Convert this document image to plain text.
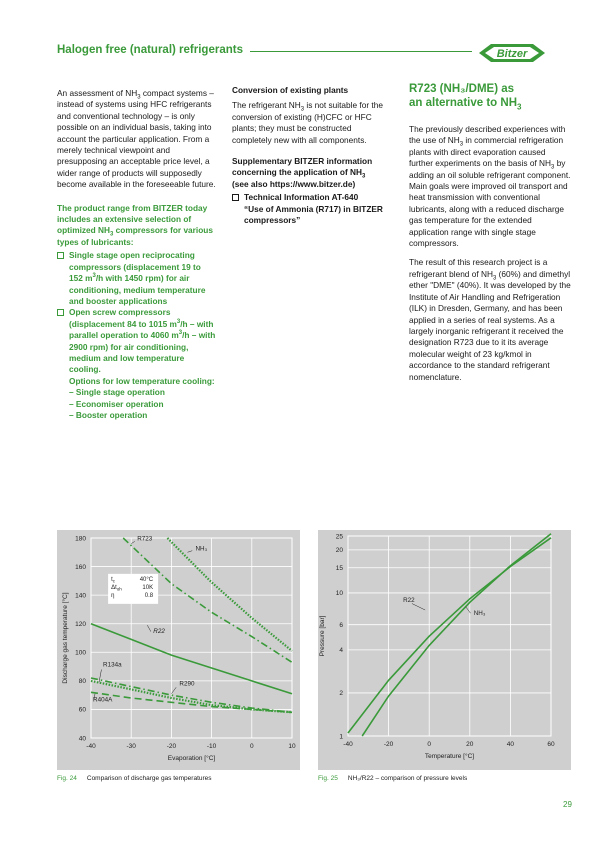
Halogen free (natural) refrigerants	Bitzer

An assessment of $NH_3$ compact systems – instead of systems using HFC refrigerants and conventional technology – is only possible on an individual basis, taking into account the particular application. From a merely technical viewpoint and presupposing an acceptable price level, a wider range of products will supposedly become available in the foreseeable future.

The product range from BITZER today includes an extensive selection of optimized $NH_3$ compressors for various types of lubricants:

Single stage open reciprocating compressors (displacement 19 to 152 $m^3/h$ with 1450 rpm) for air conditioning, medium temperature and booster applications
Open screw compressors (displacement 84 to 1015 $m^3/h$ – with parallel operation to 4060 $m^3/h$ – with 2900 rpm) for air conditioning, medium and low temperature cooling.
Options for low temperature cooling:
– Single stage operation
– Economiser operation
– Booster operation

Conversion of existing plants

The refrigerant $NH_3$ is not suitable for the conversion of existing (H)CFC or HFC plants; they must be constructed completely new with all components.

Supplementary BITZER information concerning the application of $NH_3$
(see also https://www.bitzer.de)

Technical Information AT-640
“Use of Ammonia (R717) in BITZER compressors”
R723 (NH₃/DME) as
an alternative to $NH_3$

The previously described experiences with the use of $NH_3$ in commercial refrigeration plants with direct evaporation caused further experiments on the basis of $NH_3$ by adding an oil soluble refrigerant component. Main goals were improved oil transport and heat transmission with conventional lubricants, along with a reduced discharge gas temperature for the extended application range with single stage compressors.

The result of this research project is a refrigerant blend of $NH_3$ (60%) and dimethyl ether "DME" (40%). It was developed by the Institute of Air Handling and Refrigeration (ILK) in Dresden, Germany, and has been applied in a series of real systems. As a largely inorganic refrigerant it received the designation R723 due to it its average molecular weight of 23 kg/kmol in accordance to the standard refrigerant nomenclature.

-40	-30	-20	-10	0	10
40
60
80
100
120
140
160
180
Evaporation [°C]
Discharge gas temperature [°C]
R723
NH₃
R22
R134a
R290
R404A
$t_c$	40°C
$\Delta t_{oh}$	10K
η	0.8
-40	-20	0	20	40	60
1
2
4
6
10
15
20
25
Temperature [°C]
Pressure [bar]
R22
NH₃
Fig. 24 Comparison of discharge gas temperatures	Fig. 25 NH₃/R22 – comparison of pressure levels
29
